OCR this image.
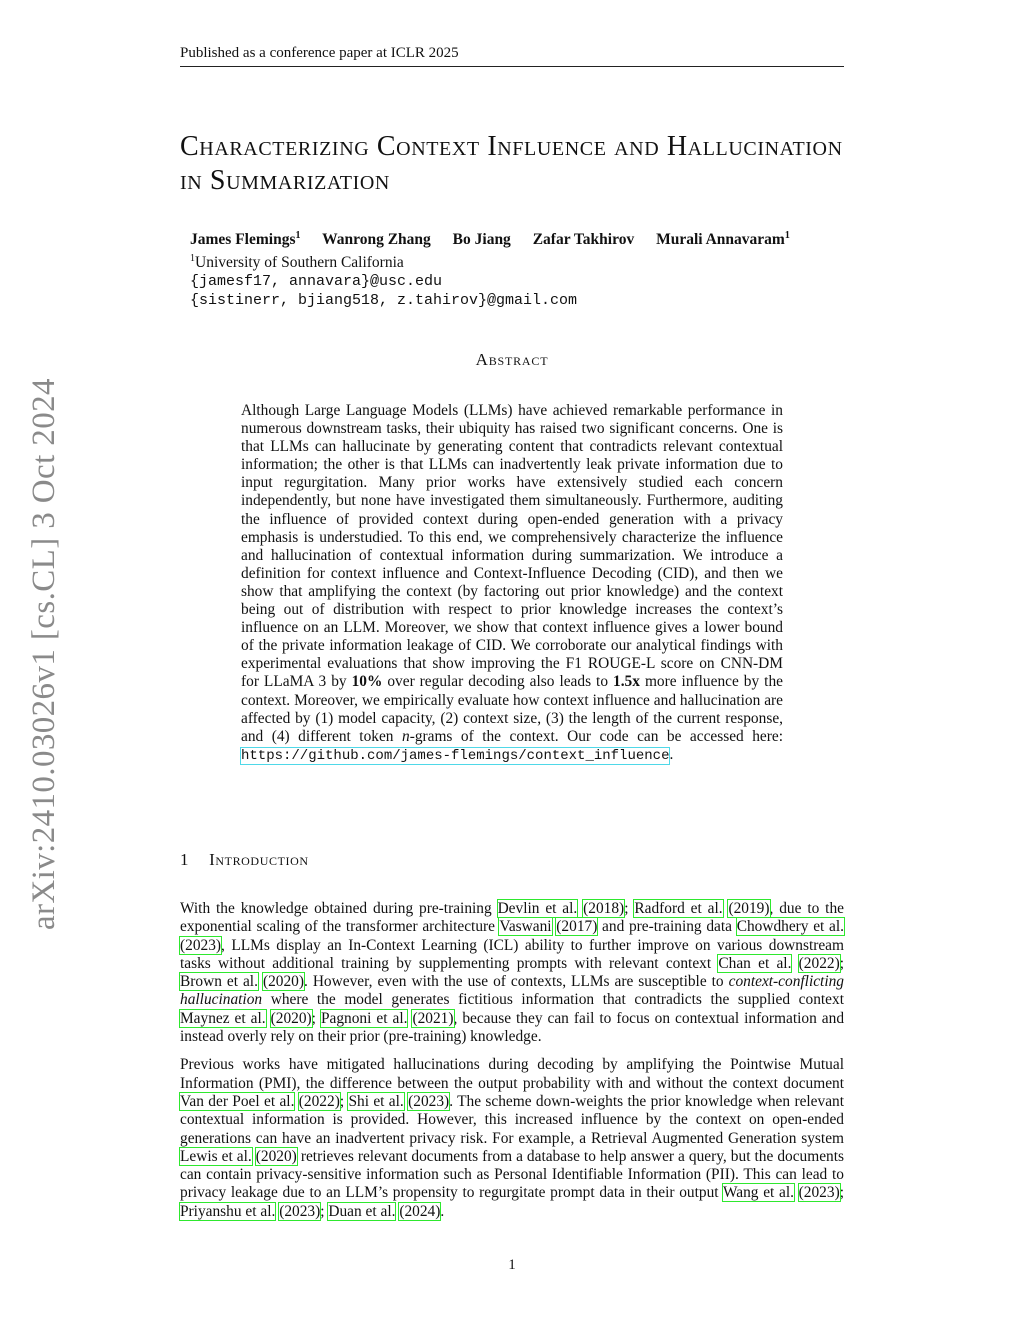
Published as a conference paper at ICLR 2025
arXiv:2410.03026v1 [cs.CL] 3 Oct 2024
Characterizing Context Influence and Hallucination in Summarization
James Flemings$^1$ Wanrong Zhang Bo Jiang Zafar Takhirov Murali Annavaram$^1$
$^1$University of Southern California
{jamesf17, annavara}@usc.edu
{sistinerr, bjiang518, z.tahirov}@gmail.com
Abstract
Although Large Language Models (LLMs) have achieved remarkable performance in numerous downstream tasks, their ubiquity has raised two significant concerns. One is that LLMs can hallucinate by generating content that contradicts relevant contextual information; the other is that LLMs can inadvertently leak private information due to input regurgitation. Many prior works have extensively studied each concern independently, but none have investigated them simultaneously. Furthermore, auditing the influence of provided context during open-ended generation with a privacy emphasis is understudied. To this end, we comprehensively characterize the influence and hallucination of contextual information during summarization. We introduce a definition for context influence and Context-Influence Decoding (CID), and then we show that amplifying the context (by factoring out prior knowledge) and the context being out of distribution with respect to prior knowledge increases the context’s influence on an LLM. Moreover, we show that context influence gives a lower bound of the private information leakage of CID. We corroborate our analytical findings with experimental evaluations that show improving the F1 ROUGE-L score on CNN-DM for LLaMA 3 by 10% over regular decoding also leads to 1.5x more influence by the context. Moreover, we empirically evaluate how context influence and hallucination are affected by (1) model capacity, (2) context size, (3) the length of the current response, and (4) different token n-grams of the context. Our code can be accessed here: https://github.com/james-flemings/context_influence.
1 Introduction

With the knowledge obtained during pre-training Devlin et al. (2018); Radford et al. (2019), due to the exponential scaling of the transformer architecture Vaswani (2017) and pre-training data Chowdhery et al. (2023), LLMs display an In-Context Learning (ICL) ability to further improve on various downstream tasks without additional training by supplementing prompts with relevant context Chan et al. (2022); Brown et al. (2020). However, even with the use of contexts, LLMs are susceptible to context-conflicting hallucination where the model generates fictitious information that contradicts the supplied context Maynez et al. (2020); Pagnoni et al. (2021), because they can fail to focus on contextual information and instead overly rely on their prior (pre-training) knowledge.

Previous works have mitigated hallucinations during decoding by amplifying the Pointwise Mutual Information (PMI), the difference between the output probability with and without the context document Van der Poel et al. (2022); Shi et al. (2023). The scheme down-weights the prior knowledge when relevant contextual information is provided. However, this increased influence by the context on open-ended generations can have an inadvertent privacy risk. For example, a Retrieval Augmented Generation system Lewis et al. (2020) retrieves relevant documents from a database to help answer a query, but the documents can contain privacy-sensitive information such as Personal Identifiable Information (PII). This can lead to privacy leakage due to an LLM’s propensity to regurgitate prompt data in their output Wang et al. (2023); Priyanshu et al. (2023); Duan et al. (2024).

1
